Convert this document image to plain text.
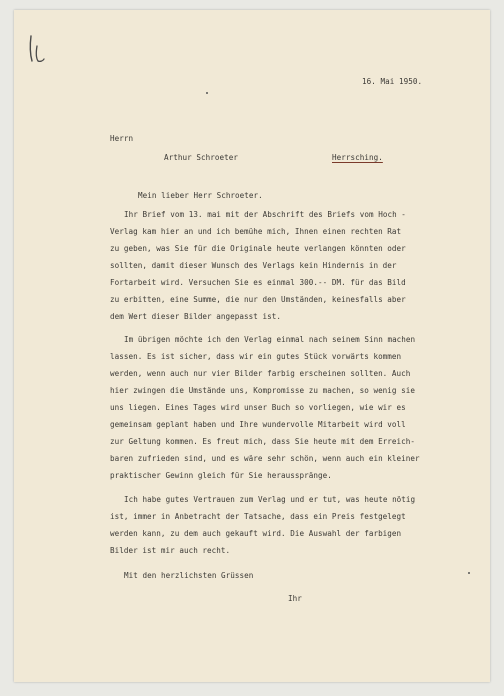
16. Mai 1950.
Herrn
Arthur Schroeter	Herrsching.
Mein lieber Herr Schroeter.
Ihr Brief vom 13. mai mit der Abschrift des Briefs vom Hoch -
Verlag kam hier an und ich bemühe mich, Ihnen einen rechten Rat
zu geben, was Sie für die Originale heute verlangen könnten oder
sollten, damit dieser Wunsch des Verlags kein Hindernis in der
Fortarbeit wird. Versuchen Sie es einmal 300.-- DM. für das Bild
zu erbitten, eine Summe, die nur den Umständen, keinesfalls aber
dem Wert dieser Bilder angepasst ist.
Im übrigen möchte ich den Verlag einmal nach seinem Sinn machen
lassen. Es ist sicher, dass wir ein gutes Stück vorwärts kommen
werden, wenn auch nur vier Bilder farbig erscheinen sollten. Auch
hier zwingen die Umstände uns, Kompromisse zu machen, so wenig sie
uns liegen. Eines Tages wird unser Buch so vorliegen, wie wir es
gemeinsam geplant haben und Ihre wundervolle Mitarbeit wird voll
zur Geltung kommen. Es freut mich, dass Sie heute mit dem Erreich-
baren zufrieden sind, und es wäre sehr schön, wenn auch ein kleiner
praktischer Gewinn gleich für Sie herausspränge.
Ich habe gutes Vertrauen zum Verlag und er tut, was heute nötig
ist, immer in Anbetracht der Tatsache, dass ein Preis festgelegt
werden kann, zu dem auch gekauft wird. Die Auswahl der farbigen
Bilder ist mir auch recht.
Mit den herzlichsten Grüssen
Ihr
